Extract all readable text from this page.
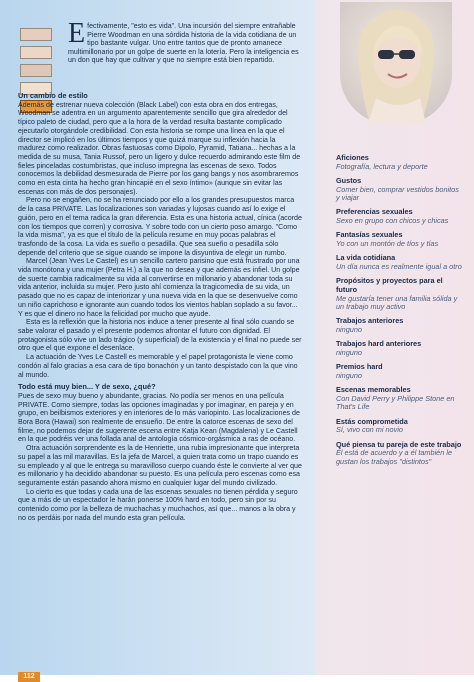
Efectivamente, "esto es vida". Una incursión del siempre entrañable Pierre Woodman en una sórdida historia de la vida cotidiana de un tipo bastante vulgar. Uno entre tantos que de pronto amanece multimillonario por un golpe de suerte en la lotería. Pero la inteligencia es un don que hay que cultivar y que no siempre está bien repartido.
Un cambio de estilo

Además de estrenar nueva colección (Black Label) con esta obra en dos entregas, Woodman se adentra en un argumento aparentemente sencillo que gira alrededor del típico paleto de ciudad, pero que a la hora de la verdad resulta bastante complicado ejecutarlo otorgándole credibilidad. Con esta historia se rompe una línea en la que el director se implicó en los últimos tiempos y que quizá marque su inflexión hacia la madurez como realizador. Obras fastuosas como Dipolo, Pyramid, Tatiana... hechas a la medida de su musa, Tania Russof, pero un ligero y dulce recuerdo admirando este film de fieles pinceladas costumbristas, que incluso impregna las escenas de sexo. Todos conocemos la debilidad desmesurada de Pierre por los gang bangs y nos asombraremos como en esta cinta ha hecho gran hincapié en el sexo íntimo» (aunque sin evitar las escenas con más de dos personajes).

Pero no se engañen, no se ha renunciado por ello a los grandes presupuestos marca de la casa PRIVATE. Las localizaciones son variadas y lujosas cuando así lo exige el guión, pero en el tema radica la gran diferencia. Esta es una historia actual, cínica (acorde con los tiempos que corren) y corrosiva. Y sobre todo con un cierto poso amargo. "Como la vida misma", ya es que el título de la película resume en muy pocas palabras el trasfondo de la cosa. La vida es sueño o pesadilla. Que sea sueño o pesadilla sólo depende del criterio que se sigue cuando se impone la disyuntiva de elegir un rumbo.

Marcel (Jean Yves Le Castel) es un sencillo cartero parisino que está frustrado por una vida monótona y una mujer (Petra H.) a la que no desea y que además es infiel. Un golpe de suerte cambia radicalmente su vida al convertirse en millonario y abandonar toda su vida anterior, incluida su mujer. Pero justo ahí comienza la tragicomedia de su vida, un pasado que no es capaz de interiorizar y una nueva vida en la que se desenvuelve como un niño caprichoso e ignorante aun cuando todos los vientos hablan soplado a su favor... Y es que el dinero no hace la felicidad por mucho que ayude.

Esta es la reflexión que la historia nos induce a tener presente al final sólo cuando se sabe valorar el pasado y el presente podemos afrontar el futuro con dignidad. El protagonista sólo vive un lado trágico (y superficial) de la existencia y el final no puede ser otro que el que expone el desenlace.

La actuación de Yves Le Castell es memorable y el papel protagonista le viene como condón al falo gracias a esa cara de tipo bonachón y un tanto despistado con la que vino al mundo.

Todo está muy bien... Y de sexo, ¿qué?

Pues de sexo muy bueno y abundante, gracias. No podía ser menos en una película PRIVATE. Como siempre, todas las opciones imaginadas y por imaginar, en pareja y en grupo, en beilbismos exteriores y en interiores de lo más variopinto. Las localizaciones de Bora Bora (Hawai) son realmente de ensueño. De entre la catorce escenas de sexo del filme, no podemos dejar de sugerente escena entre Katja Kean (Magdalena) y Le Castell en la que podréis ver una follada anal de antología cósmico-orgásmica a ras de océano.

Otra actuación sorprendente es la de Henriette, una rubia impresionante que interpreta su papel a las mil maravillas. Es la jefa de Marcel, a quien trata como un trapo cuando es su empleado y al que le entrega su maravilloso cuerpo cuando éste le convierte al ver que es millonario y ha decidido abandonar su puesto. Es una película pero escenas como esa seguramente están pasando ahora mismo en cualquier lugar del mundo civilizado.

Lo cierto es que todas y cada una de las escenas sexuales no tienen pérdida y seguro que a más de un espectador le harán ponerse 100% hard en todo, pero sin por su contenido como por la belleza de muchachas y muchachos, así que... manos a la obra y no os perdáis por nada del mundo esta gran película.

112
Aficiones
Fotografía, lectura y deporte
Gustos
Comer bien, comprar vestidos bonitos y viajar
Preferencias sexuales
Sexo en grupo con chicos y chicas
Fantasías sexuales
Yo con un montón de tíos y tías
La vida cotidiana
Un día nunca es realmente igual a otro
Propósitos y proyectos para el futuro
Me gustaría tener una familia sólida y un trabajo muy activo
Trabajos anteriores
ninguno
Trabajos hard anteriores
ninguno
Premios hard
ninguno
Escenas memorables
Con David Perry y Philippe Stone en That's Life
Estás comprometida
Sí, vivo con mi novio
Qué piensa tu pareja de este trabajo
Él está de acuerdo y a él también le gustan los trabajos "distintos"
